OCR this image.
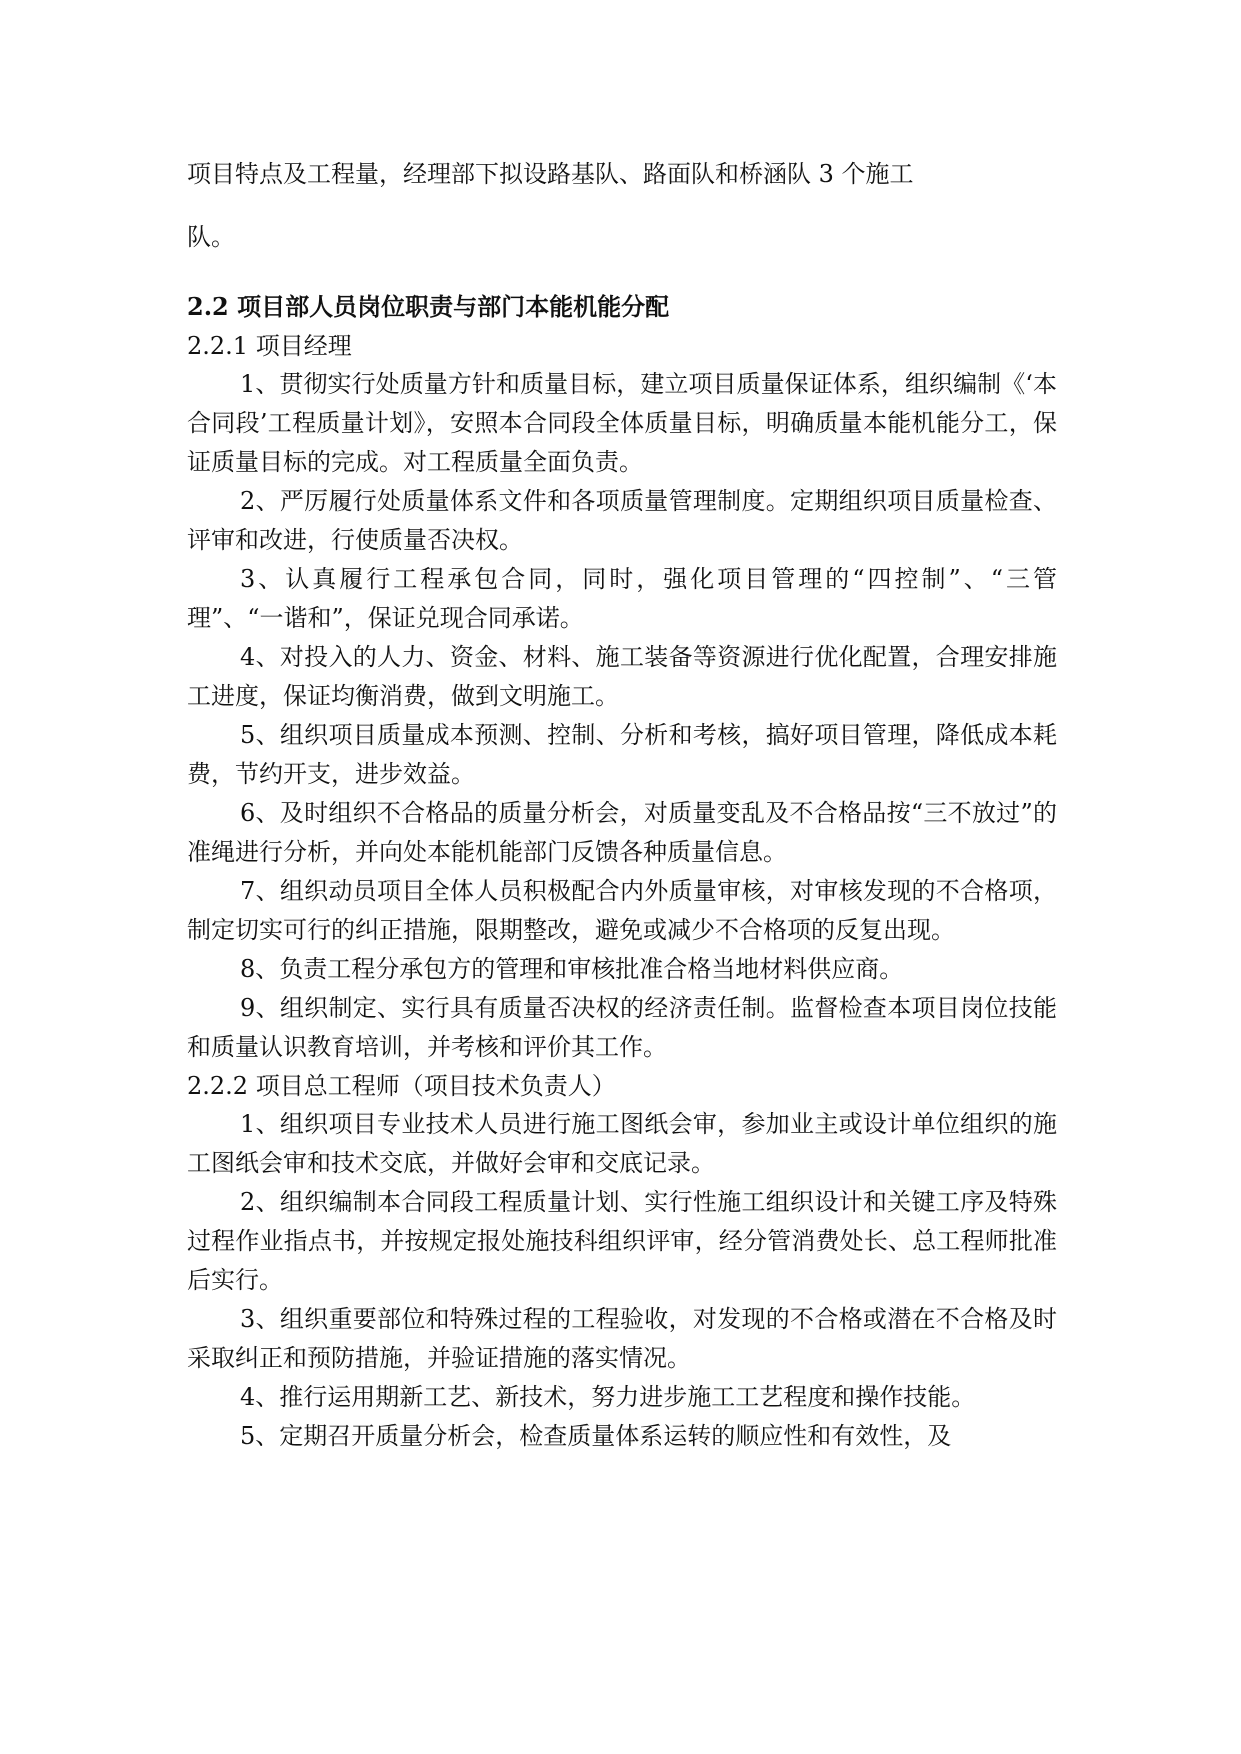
项目特点及工程量，经理部下拟设路基队、路面队和桥涵队 3 个施工

队。

2.2 项目部人员岗位职责与部门本能机能分配

2.2.1 项目经理

1、贯彻实行处质量方针和质量目标，建立项目质量保证体系，组织编制《‘本合同段’工程质量计划》，安照本合同段全体质量目标，明确质量本能机能分工，保证质量目标的完成。对工程质量全面负责。

2、严厉履行处质量体系文件和各项质量管理制度。定期组织项目质量检查、评审和改进，行使质量否决权。

3、认真履行工程承包合同，同时，强化项目管理的“四控制”、“三管理”、“一谐和”，保证兑现合同承诺。

4、对投入的人力、资金、材料、施工装备等资源进行优化配置，合理安排施工进度，保证均衡消费，做到文明施工。

5、组织项目质量成本预测、控制、分析和考核，搞好项目管理，降低成本耗费，节约开支，进步效益。

6、及时组织不合格品的质量分析会，对质量变乱及不合格品按“三不放过”的准绳进行分析，并向处本能机能部门反馈各种质量信息。

7、组织动员项目全体人员积极配合内外质量审核，对审核发现的不合格项，制定切实可行的纠正措施，限期整改，避免或减少不合格项的反复出现。

8、负责工程分承包方的管理和审核批准合格当地材料供应商。

9、组织制定、实行具有质量否决权的经济责任制。监督检查本项目岗位技能和质量认识教育培训，并考核和评价其工作。

2.2.2 项目总工程师（项目技术负责人）

1、组织项目专业技术人员进行施工图纸会审，参加业主或设计单位组织的施工图纸会审和技术交底，并做好会审和交底记录。

2、组织编制本合同段工程质量计划、实行性施工组织设计和关键工序及特殊过程作业指点书，并按规定报处施技科组织评审，经分管消费处长、总工程师批准后实行。

3、组织重要部位和特殊过程的工程验收，对发现的不合格或潜在不合格及时采取纠正和预防措施，并验证措施的落实情况。

4、推行运用期新工艺、新技术，努力进步施工工艺程度和操作技能。

5、定期召开质量分析会，检查质量体系运转的顺应性和有效性，及
